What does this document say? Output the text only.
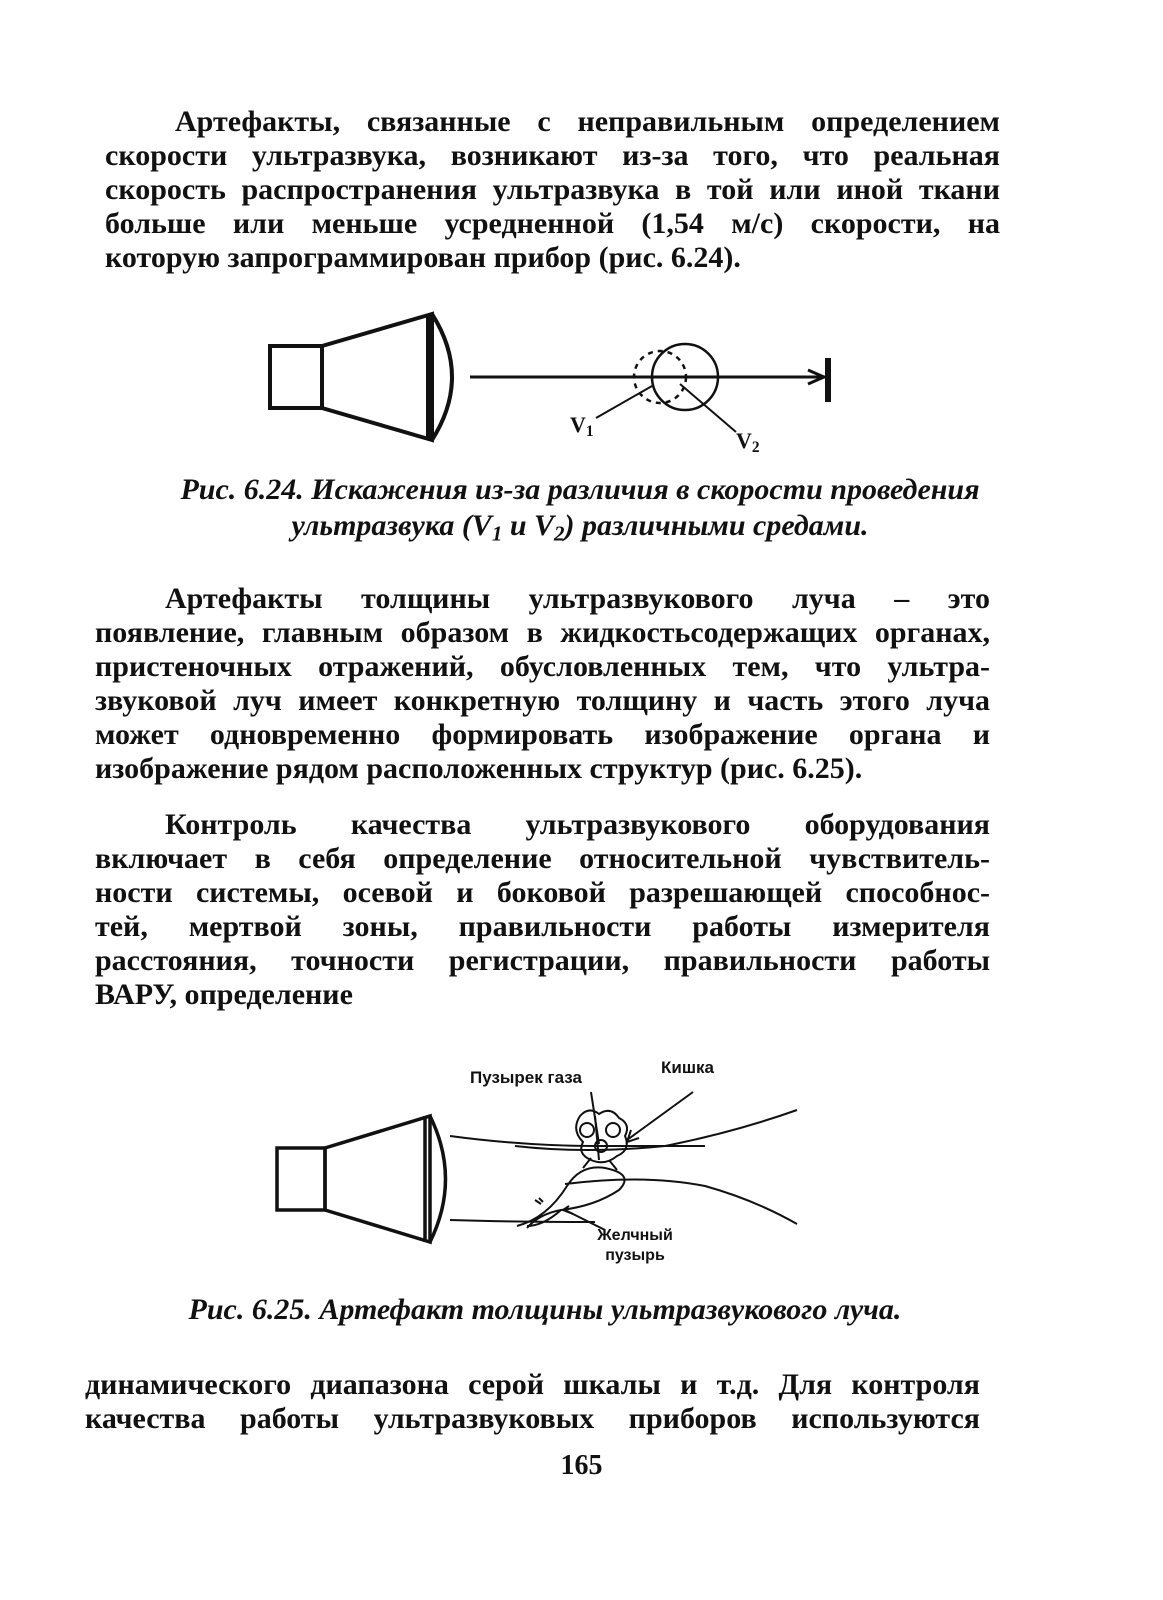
Артефакты, связанные с неправильным определением
скорости ультразвука, возникают из-за того, что реальная
скорость распространения ультразвука в той или иной ткани
больше или меньше усредненной (1,54 м/с) скорости, на
которую запрограммирован прибор (рис. 6.24).
$V_1$	$V_2$
Рис. 6.24. Искажения из-за различия в скорости проведения
ультразвука ($V_1$ и $V_2$) различными средами.
Артефакты толщины ультразвукового луча – это
появление, главным образом в жидкостьсодержащих органах,
пристеночных отражений, обусловленных тем, что ультра-
звуковой луч имеет конкретную толщину и часть этого луча
может одновременно формировать изображение органа и
изображение рядом расположенных структур (рис. 6.25).
Контроль качества ультразвукового оборудования
включает в себя определение относительной чувствитель-
ности системы, осевой и боковой разрешающей способнос-
тей, мертвой зоны, правильности работы измерителя
расстояния, точности регистрации, правильности работы
ВАРУ, определение
Пузырек газа
Кишка
Желчный
пузырь
Рис. 6.25. Артефакт толщины ультразвукового луча.
динамического диапазона серой шкалы и т.д. Для контроля
качества работы ультразвуковых приборов используются
165
